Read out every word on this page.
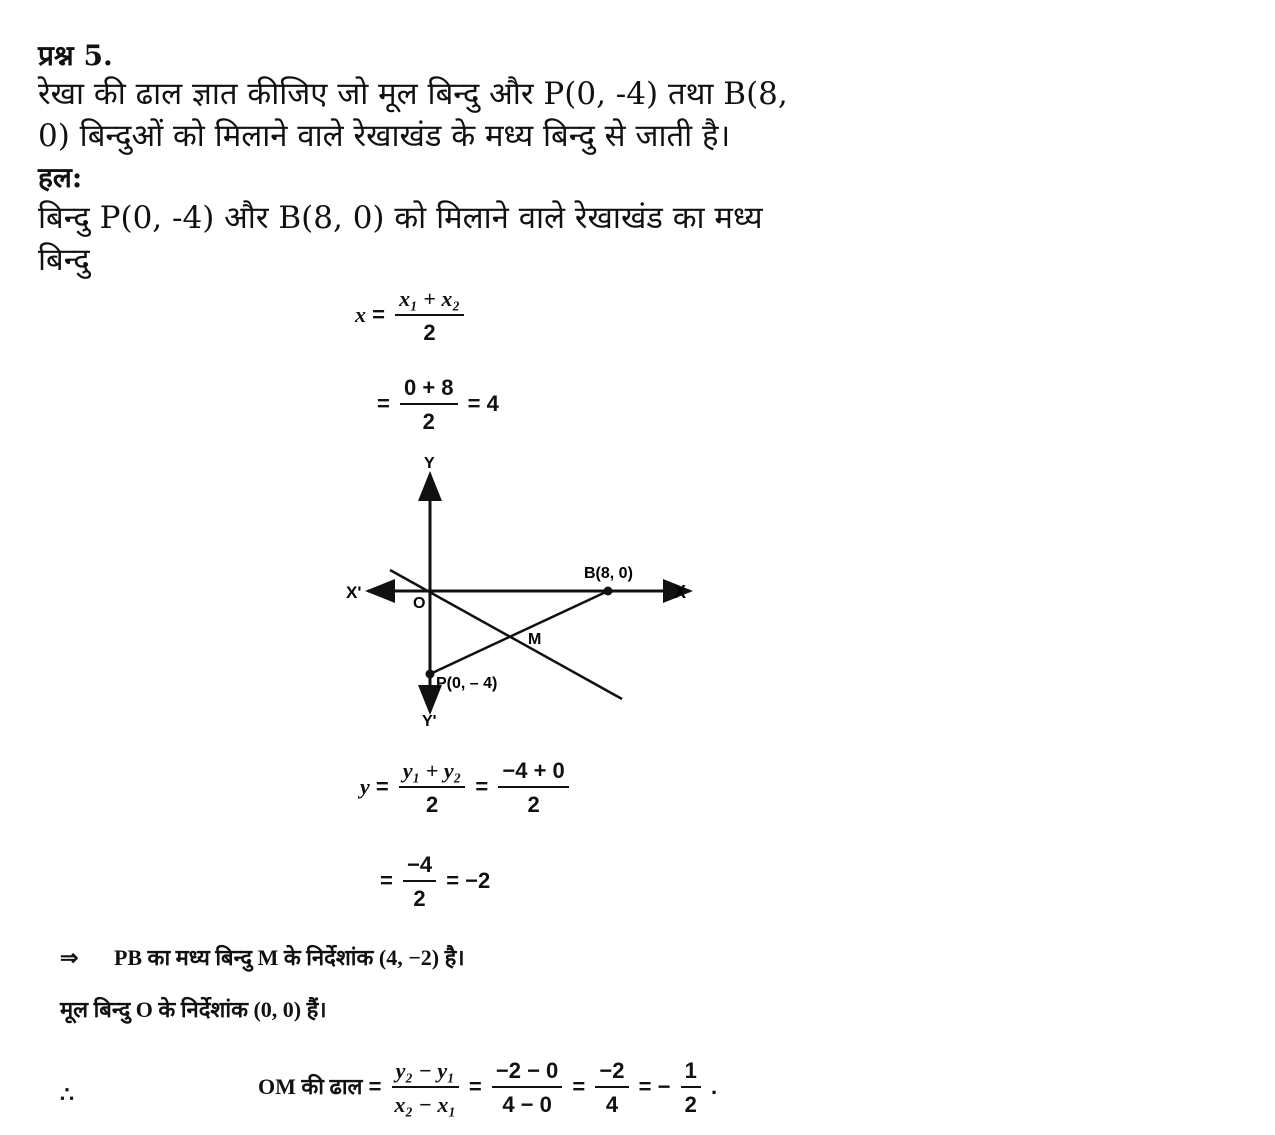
प्रश्न 5.
रेखा की ढाल ज्ञात कीजिए जो मूल बिन्दु और P(0, -4) तथा B(8,
0) बिन्दुओं को मिलाने वाले रेखाखंड के मध्य बिन्दु से जाती है।
हल:
बिन्दु P(0, -4) और B(8, 0) को मिलाने वाले रेखाखंड का मध्य
बिन्दु
$x = \frac{\text{x₁ + x₂}}{2}$
= $\frac{0 + 8}{2} = 4$
Y
Y'
X
X'
O
B(8, 0)
M
P(0, – 4)
$y = \frac{\text{y₁ + y₂}}{2} = \frac{-4 + 0}{2}$
= $\frac{-4}{2} = -2$
⇒ PB का मध्य बिन्दु M के निर्देशांक (4, −2) है।
मूल बिन्दु O के निर्देशांक (0, 0) हैं।
∴	OM की ढाल = $\frac{\text{y₂ − y₁}}{\text{x₂ − x₁}} = \frac{-2 - 0}{4 - 0} = \frac{-2}{4}$ = − $\frac{1}{2}$ .
